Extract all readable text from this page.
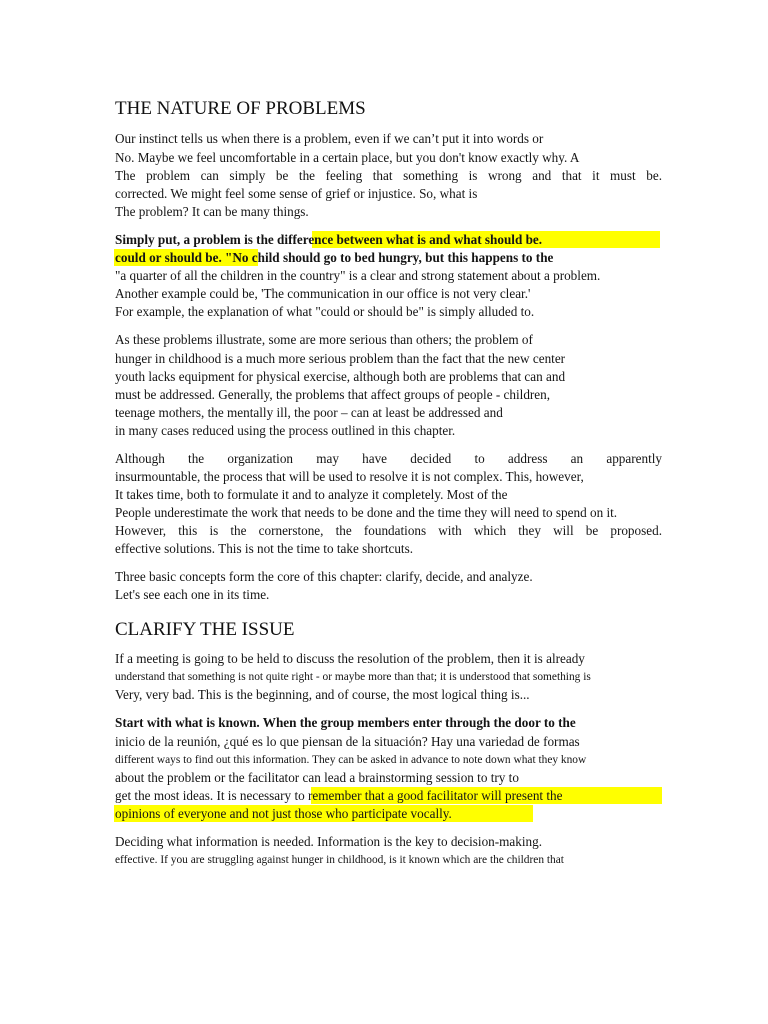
THE NATURE OF PROBLEMS
Our instinct tells us when there is a problem, even if we can’t put it into words or
No. Maybe we feel uncomfortable in a certain place, but you don't know exactly why. A
The problem can simply be the feeling that something is wrong and that it must be.
corrected. We might feel some sense of grief or injustice. So, what is
The problem? It can be many things.
Simply put, a problem is the difference between what is and what should be.
could or should be. "No child should go to bed hungry, but this happens to the
"a quarter of all the children in the country" is a clear and strong statement about a problem.
Another example could be, 'The communication in our office is not very clear.'
For example, the explanation of what "could or should be" is simply alluded to.
As these problems illustrate, some are more serious than others; the problem of
hunger in childhood is a much more serious problem than the fact that the new center
youth lacks equipment for physical exercise, although both are problems that can and
must be addressed. Generally, the problems that affect groups of people - children,
teenage mothers, the mentally ill, the poor – can at least be addressed and
in many cases reduced using the process outlined in this chapter.
Although the organization may have decided to address an apparently
insurmountable, the process that will be used to resolve it is not complex. This, however,
It takes time, both to formulate it and to analyze it completely. Most of the
People underestimate the work that needs to be done and the time they will need to spend on it.
However, this is the cornerstone, the foundations with which they will be proposed.
effective solutions. This is not the time to take shortcuts.
Three basic concepts form the core of this chapter: clarify, decide, and analyze.
Let's see each one in its time.
CLARIFY THE ISSUE
If a meeting is going to be held to discuss the resolution of the problem, then it is already
understand that something is not quite right - or maybe more than that; it is understood that something is
Very, very bad. This is the beginning, and of course, the most logical thing is...
Start with what is known. When the group members enter through the door to the
inicio de la reunión, ¿qué es lo que piensan de la situación? Hay una variedad de formas
different ways to find out this information. They can be asked in advance to note down what they know
about the problem or the facilitator can lead a brainstorming session to try to
get the most ideas. It is necessary to remember that a good facilitator will present the
opinions of everyone and not just those who participate vocally.
Deciding what information is needed. Information is the key to decision-making.
effective. If you are struggling against hunger in childhood, is it known which are the children that
